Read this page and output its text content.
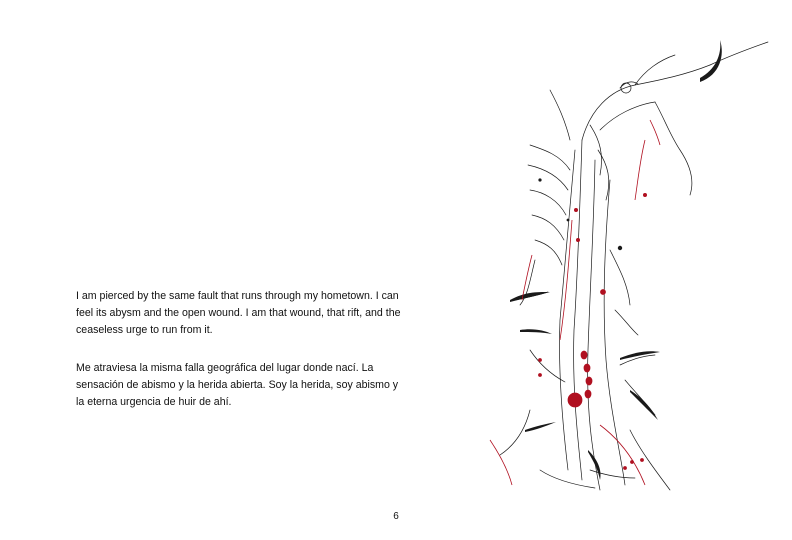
I am pierced by the same fault that runs through my hometown. I can feel its abysm and the open wound. I am that wound, that rift, and the ceaseless urge to run from it.

Me atraviesa la misma falla geográfica del lugar donde nací. La sensación de abismo y la herida abierta. Soy la herida, soy abismo y la eterna urgencia de huir de ahí.

6
